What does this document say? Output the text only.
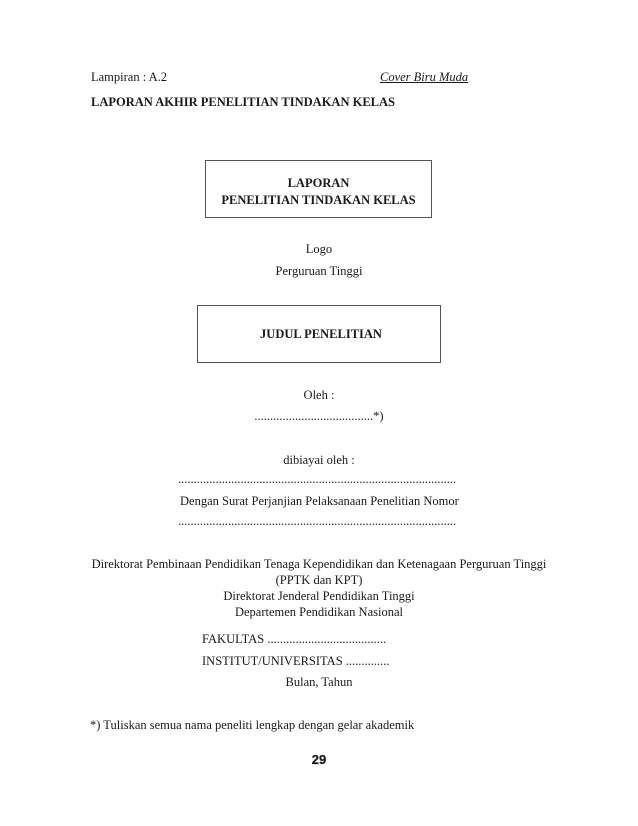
Lampiran : A.2	Cover Biru Muda
LAPORAN AKHIR PENELITIAN TINDAKAN KELAS
LAPORAN
PENELITIAN TINDAKAN KELAS
Logo
Perguruan Tinggi
JUDUL PENELITIAN
Oleh :
......................................*)
dibiayai oleh :
.........................................................................................
Dengan Surat Perjanjian Pelaksanaan Penelitian Nomor
.........................................................................................
Direktorat Pembinaan Pendidikan Tenaga Kependidikan dan Ketenagaan Perguruan Tinggi
(PPTK dan KPT)
Direktorat Jenderal Pendidikan Tinggi
Departemen Pendidikan Nasional
FAKULTAS ......................................
INSTITUT/UNIVERSITAS ..............
Bulan, Tahun
*) Tuliskan semua nama peneliti lengkap dengan gelar akademik
29
